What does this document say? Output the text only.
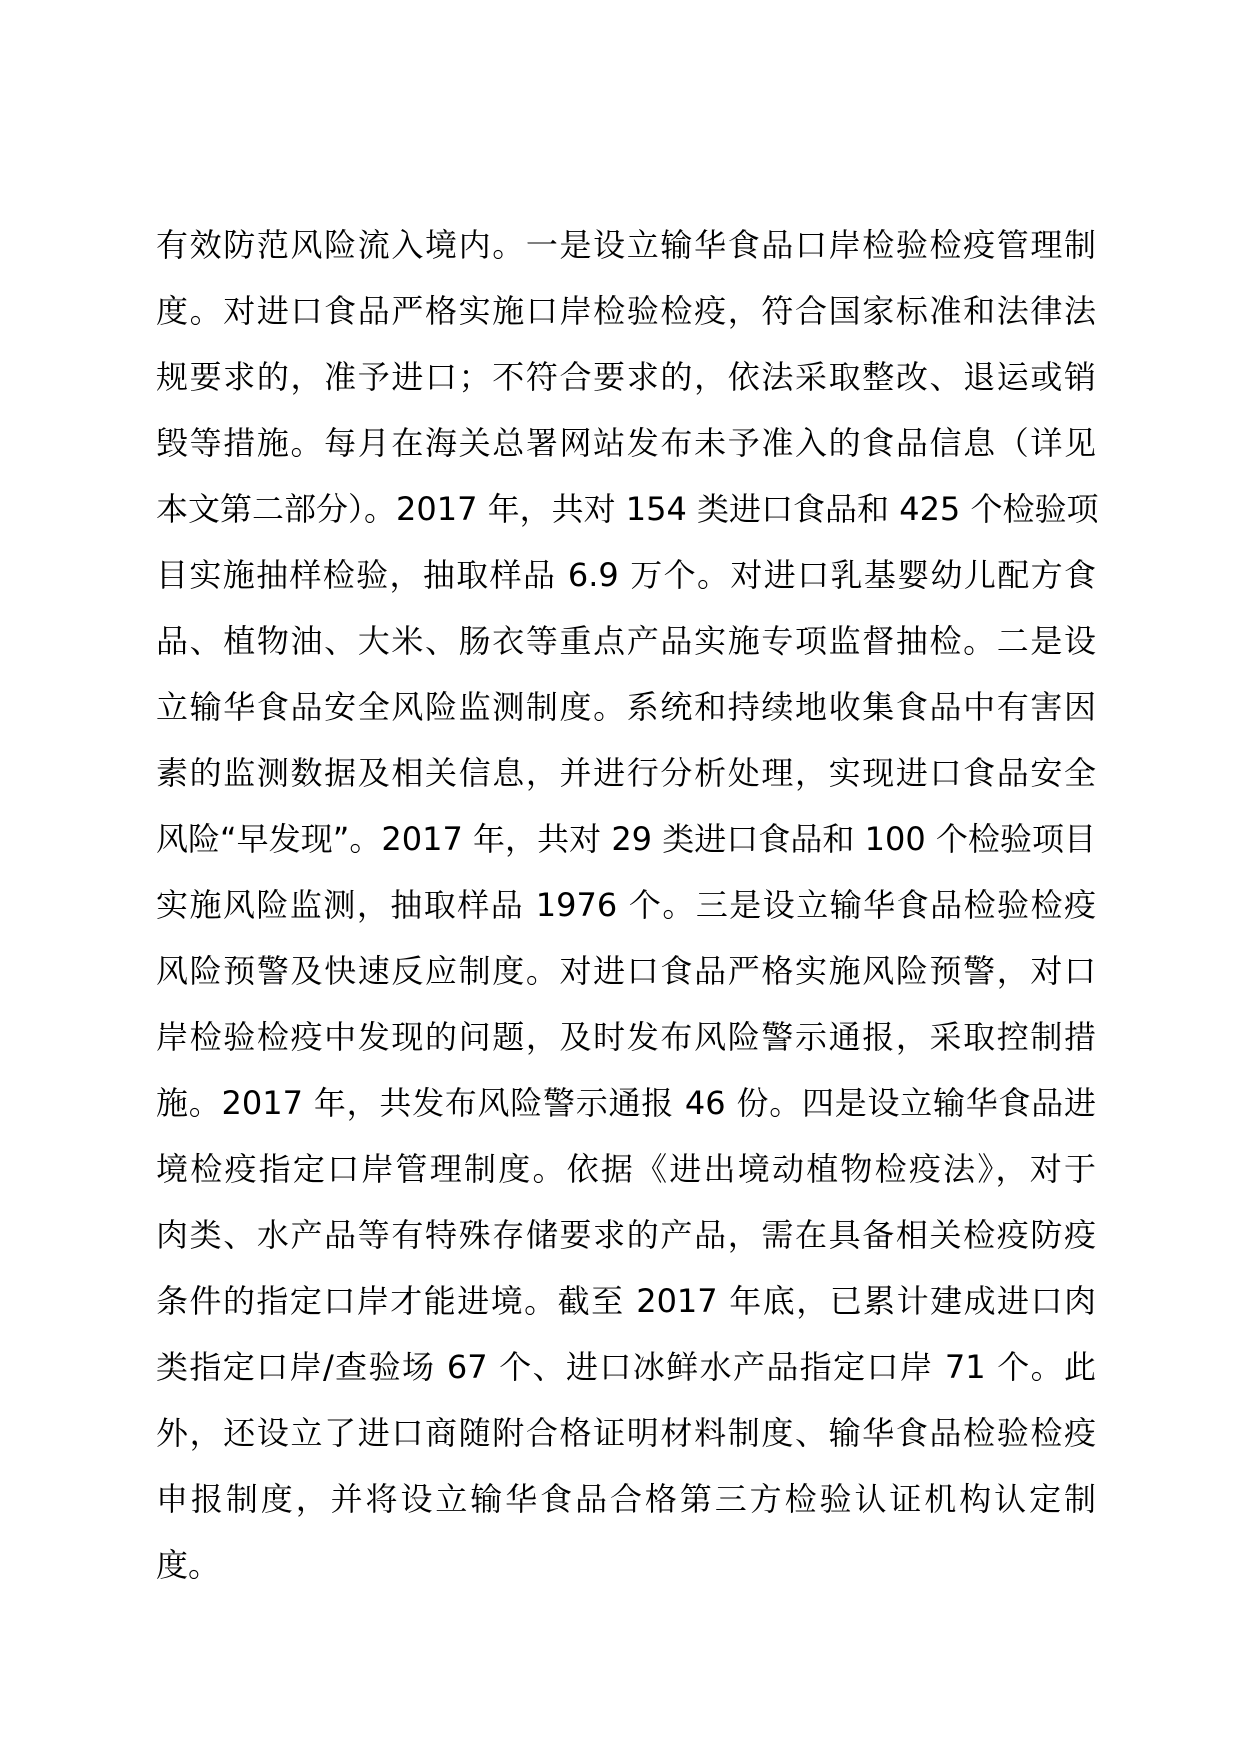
有效防范风险流入境内。一是设立输华食品口岸检验检疫管理制
度。对进口食品严格实施口岸检验检疫，符合国家标准和法律法
规要求的，准予进口；不符合要求的，依法采取整改、退运或销
毁等措施。每月在海关总署网站发布未予准入的食品信息（详见
本文第二部分）。2017 年，共对 154 类进口食品和 425 个检验项
目实施抽样检验，抽取样品 6.9 万个。对进口乳基婴幼儿配方食
品、植物油、大米、肠衣等重点产品实施专项监督抽检。二是设
立输华食品安全风险监测制度。系统和持续地收集食品中有害因
素的监测数据及相关信息，并进行分析处理，实现进口食品安全
风险“早发现”。2017 年，共对 29 类进口食品和 100 个检验项目
实施风险监测，抽取样品 1976 个。三是设立输华食品检验检疫
风险预警及快速反应制度。对进口食品严格实施风险预警，对口
岸检验检疫中发现的问题，及时发布风险警示通报，采取控制措
施。2017 年，共发布风险警示通报 46 份。四是设立输华食品进
境检疫指定口岸管理制度。依据《进出境动植物检疫法》，对于
肉类、水产品等有特殊存储要求的产品，需在具备相关检疫防疫
条件的指定口岸才能进境。截至 2017 年底，已累计建成进口肉
类指定口岸/查验场 67 个、进口冰鲜水产品指定口岸 71 个。此
外，还设立了进口商随附合格证明材料制度、输华食品检验检疫
申报制度，并将设立输华食品合格第三方检验认证机构认定制
度。
